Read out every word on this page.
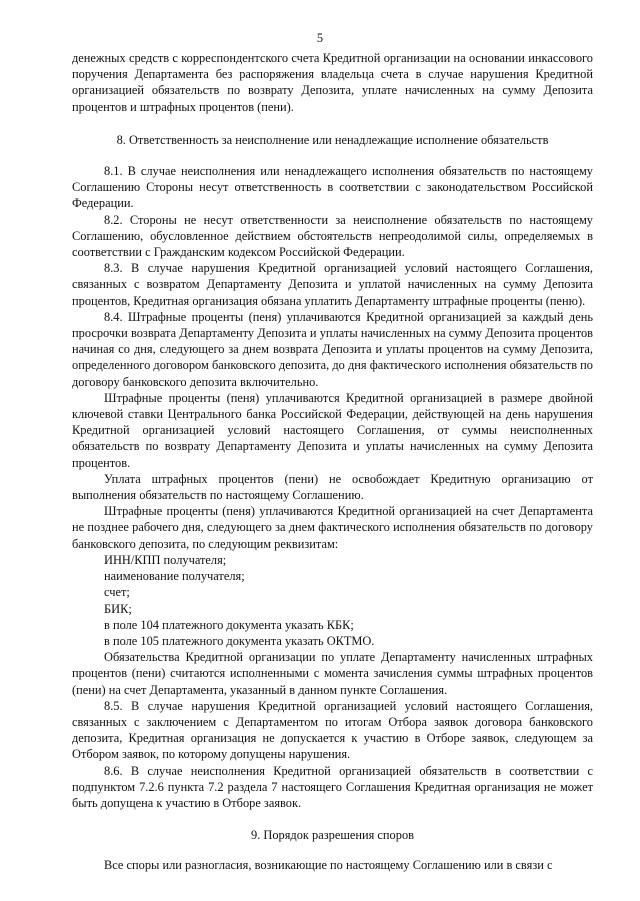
5

денежных средств с корреспондентского счета Кредитной организации на основании инкассового поручения Департамента без распоряжения владельца счета в случае нарушения Кредитной организацией обязательств по возврату Депозита, уплате начисленных на сумму Депозита процентов и штрафных процентов (пени).

8. Ответственность за неисполнение или ненадлежащие исполнение обязательств

8.1. В случае неисполнения или ненадлежащего исполнения обязательств по настоящему Соглашению Стороны несут ответственность в соответствии с законодательством Российской Федерации.

8.2. Стороны не несут ответственности за неисполнение обязательств по настоящему Соглашению, обусловленное действием обстоятельств непреодолимой силы, определяемых в соответствии с Гражданским кодексом Российской Федерации.

8.3. В случае нарушения Кредитной организацией условий настоящего Соглашения, связанных с возвратом Департаменту Депозита и уплатой начисленных на сумму Депозита процентов, Кредитная организация обязана уплатить Департаменту штрафные проценты (пеню).

8.4. Штрафные проценты (пеня) уплачиваются Кредитной организацией за каждый день просрочки возврата Департаменту Депозита и уплаты начисленных на сумму Депозита процентов начиная со дня, следующего за днем возврата Депозита и уплаты процентов на сумму Депозита, определенного договором банковского депозита, до дня фактического исполнения обязательств по договору банковского депозита включительно.

Штрафные проценты (пеня) уплачиваются Кредитной организацией в размере двойной ключевой ставки Центрального банка Российской Федерации, действующей на день нарушения Кредитной организацией условий настоящего Соглашения, от суммы неисполненных обязательств по возврату Департаменту Депозита и уплаты начисленных на сумму Депозита процентов.

Уплата штрафных процентов (пени) не освобождает Кредитную организацию от выполнения обязательств по настоящему Соглашению.

Штрафные проценты (пеня) уплачиваются Кредитной организацией на счет Департамента не позднее рабочего дня, следующего за днем фактического исполнения обязательств по договору банковского депозита, по следующим реквизитам:

ИНН/КПП получателя;

наименование получателя;

счет;

БИК;

в поле 104 платежного документа указать КБК;

в поле 105 платежного документа указать ОКТМО.

Обязательства Кредитной организации по уплате Департаменту начисленных штрафных процентов (пени) считаются исполненными с момента зачисления суммы штрафных процентов (пени) на счет Департамента, указанный в данном пункте Соглашения.

8.5. В случае нарушения Кредитной организацией условий настоящего Соглашения, связанных с заключением с Департаментом по итогам Отбора заявок договора банковского депозита, Кредитная организация не допускается к участию в Отборе заявок, следующем за Отбором заявок, по которому допущены нарушения.

8.6. В случае неисполнения Кредитной организацией обязательств в соответствии с подпунктом 7.2.6 пункта 7.2 раздела 7 настоящего Соглашения Кредитная организация не может быть допущена к участию в Отборе заявок.

9. Порядок разрешения споров

Все споры или разногласия, возникающие по настоящему Соглашению или в связи с
